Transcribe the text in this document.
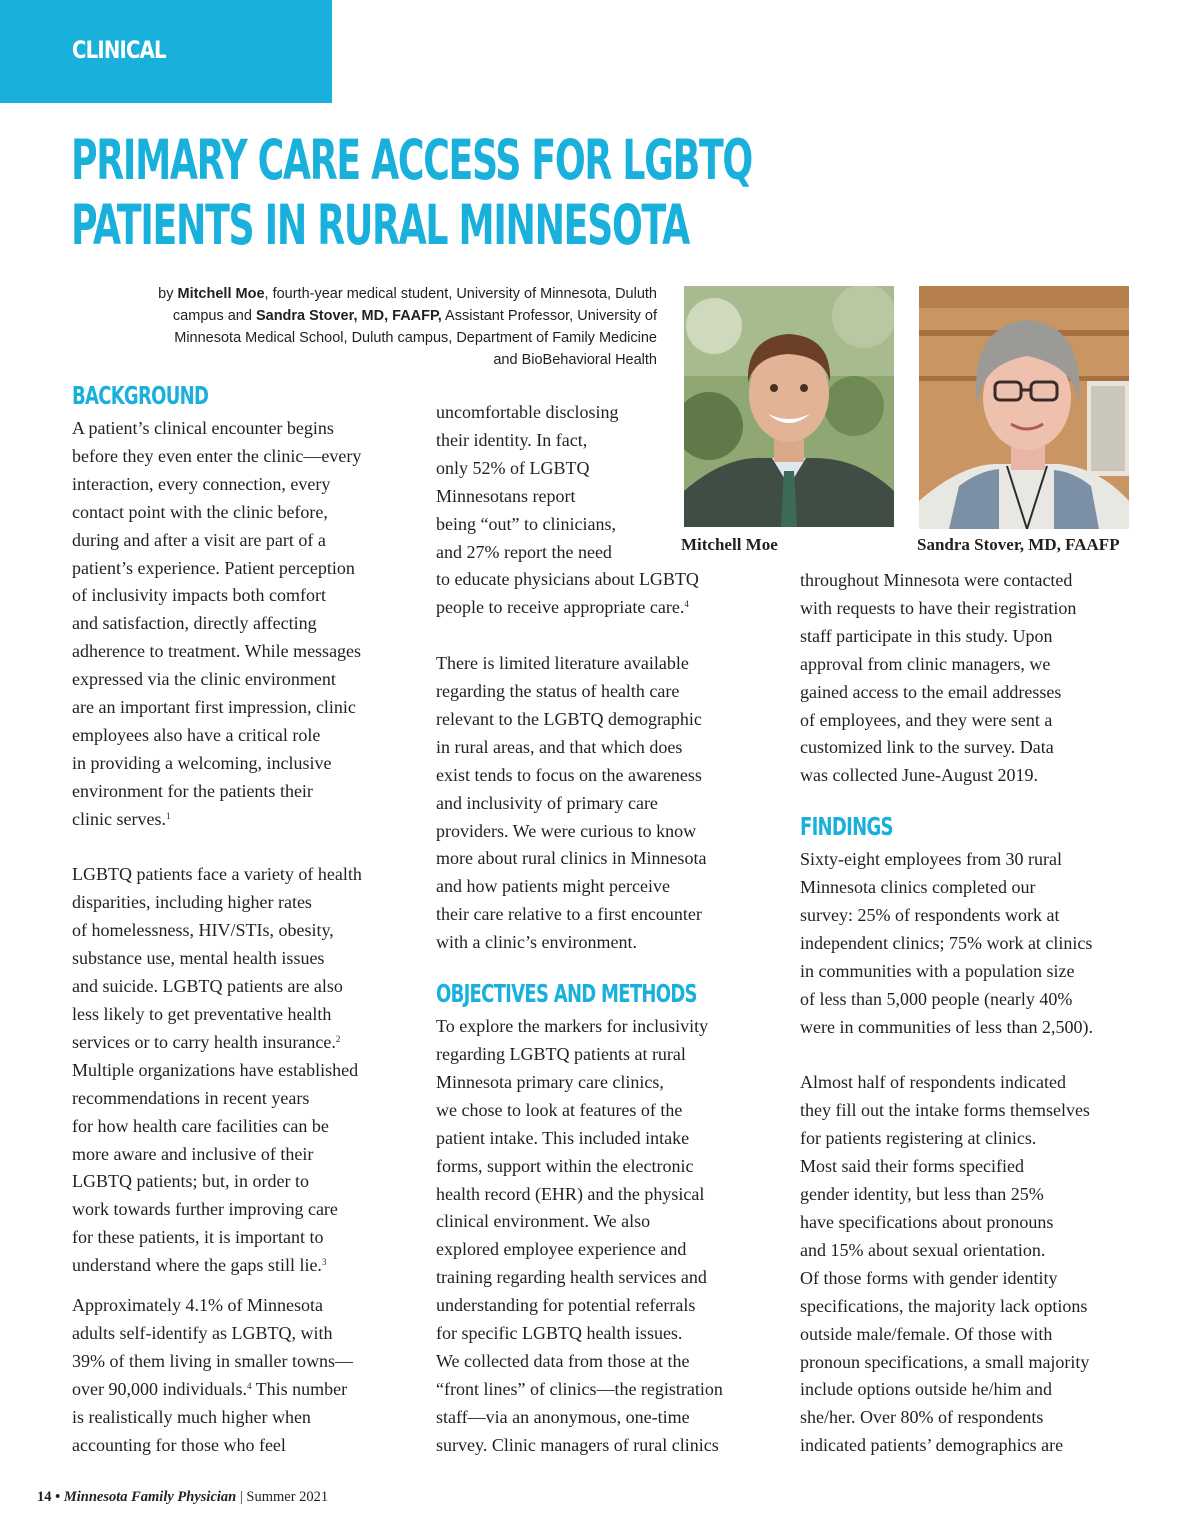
CLINICAL
PRIMARY CARE ACCESS FOR LGBTQ
PATIENTS IN RURAL MINNESOTA
by Mitchell Moe, fourth-year medical student, University of Minnesota, Duluth campus and Sandra Stover, MD, FAAFP, Assistant Professor, University of Minnesota Medical School, Duluth campus, Department of Family Medicine and BioBehavioral Health
Mitchell Moe	Sandra Stover, MD, FAAFP
BACKGROUND

A patient’s clinical encounter begins
before they even enter the clinic—every
interaction, every connection, every
contact point with the clinic before,
during and after a visit are part of a
patient’s experience. Patient perception
of inclusivity impacts both comfort
and satisfaction, directly affecting
adherence to treatment. While messages
expressed via the clinic environment
are an important first impression, clinic
employees also have a critical role
in providing a welcoming, inclusive
environment for the patients their
clinic serves.$^1$

LGBTQ patients face a variety of health
disparities, including higher rates
of homelessness, HIV/STIs, obesity,
substance use, mental health issues
and suicide. LGBTQ patients are also
less likely to get preventative health
services or to carry health insurance.$^2$
Multiple organizations have established
recommendations in recent years
for how health care facilities can be
more aware and inclusive of their
LGBTQ patients; but, in order to
work towards further improving care
for these patients, it is important to
understand where the gaps still lie.$^3$

Approximately 4.1% of Minnesota
adults self-identify as LGBTQ, with
39% of them living in smaller towns—
over 90,000 individuals.$^4$ This number
is realistically much higher when
accounting for those who feel

uncomfortable disclosing
their identity. In fact,
only 52% of LGBTQ
Minnesotans report
being “out” to clinicians,
and 27% report the need
to educate physicians about LGBTQ
people to receive appropriate care.$^4$

There is limited literature available
regarding the status of health care
relevant to the LGBTQ demographic
in rural areas, and that which does
exist tends to focus on the awareness
and inclusivity of primary care
providers. We were curious to know
more about rural clinics in Minnesota
and how patients might perceive
their care relative to a first encounter
with a clinic’s environment.

OBJECTIVES AND METHODS

To explore the markers for inclusivity
regarding LGBTQ patients at rural
Minnesota primary care clinics,
we chose to look at features of the
patient intake. This included intake
forms, support within the electronic
health record (EHR) and the physical
clinical environment. We also
explored employee experience and
training regarding health services and
understanding for potential referrals
for specific LGBTQ health issues.
We collected data from those at the
“front lines” of clinics—the registration
staff—via an anonymous, one-time
survey. Clinic managers of rural clinics

throughout Minnesota were contacted
with requests to have their registration
staff participate in this study. Upon
approval from clinic managers, we
gained access to the email addresses
of employees, and they were sent a
customized link to the survey. Data
was collected June-August 2019.

FINDINGS

Sixty-eight employees from 30 rural
Minnesota clinics completed our
survey: 25% of respondents work at
independent clinics; 75% work at clinics
in communities with a population size
of less than 5,000 people (nearly 40%
were in communities of less than 2,500).

Almost half of respondents indicated
they fill out the intake forms themselves
for patients registering at clinics.
Most said their forms specified
gender identity, but less than 25%
have specifications about pronouns
and 15% about sexual orientation.
Of those forms with gender identity
specifications, the majority lack options
outside male/female. Of those with
pronoun specifications, a small majority
include options outside he/him and
she/her. Over 80% of respondents
indicated patients’ demographics are

14 • Minnesota Family Physician | Summer 2021
